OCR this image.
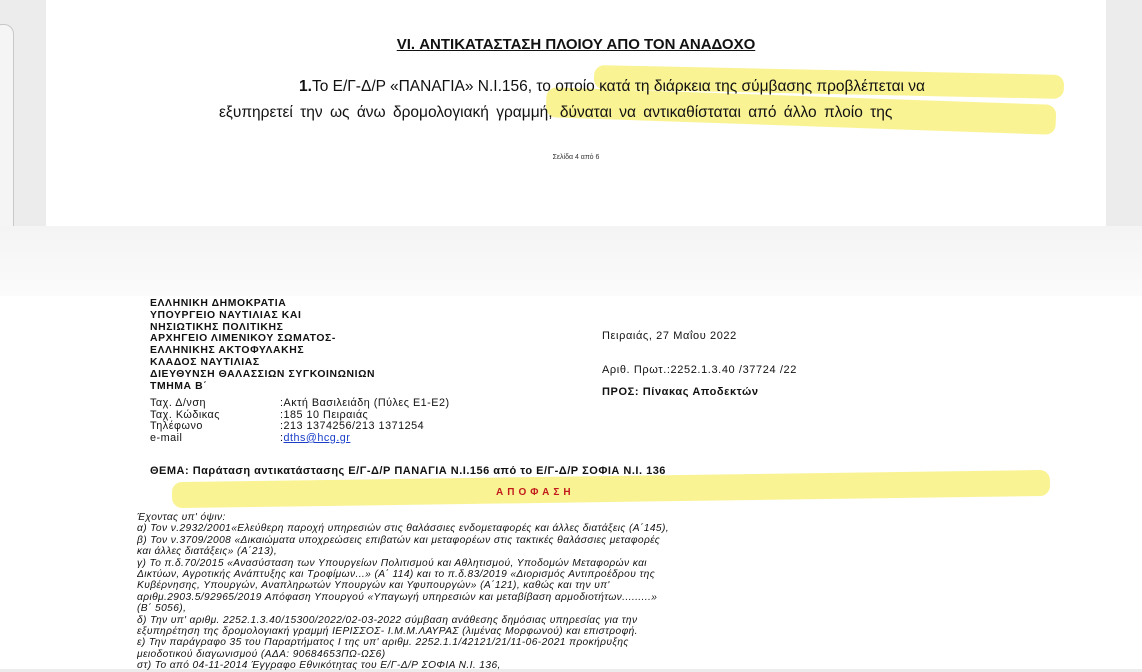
VI. ΑΝΤΙΚΑΤΑΣΤΑΣΗ ΠΛΟΙΟΥ ΑΠΟ ΤΟΝ ΑΝΑΔΟΧΟ
1.Το Ε/Γ-Δ/Ρ «ΠΑΝΑΓΙΑ» Ν.Ι.156, το οποίο κατά τη διάρκεια της σύμβασης προβλέπεται να
εξυπηρετεί την ως άνω δρομολογιακή γραμμή, δύναται να αντικαθίσταται από άλλο πλοίο της
Σελίδα 4 από 6
ΕΛΛΗΝΙΚΗ ΔΗΜΟΚΡΑΤΙΑ
ΥΠΟΥΡΓΕΙΟ ΝΑΥΤΙΛΙΑΣ ΚΑΙ
ΝΗΣΙΩΤΙΚΗΣ ΠΟΛΙΤΙΚΗΣ
ΑΡΧΗΓΕΙΟ ΛΙΜΕΝΙΚΟΥ ΣΩΜΑΤΟΣ-
ΕΛΛΗΝΙΚΗΣ ΑΚΤΟΦΥΛΑΚΗΣ
ΚΛΑΔΟΣ ΝΑΥΤΙΛΙΑΣ
ΔΙΕΥΘΥΝΣΗ ΘΑΛΑΣΣΙΩΝ ΣΥΓΚΟΙΝΩΝΙΩΝ
ΤΜΗΜΑ Β΄
Πειραιάς, 27 Μαΐου 2022
Αριθ. Πρωτ.:2252.1.3.40 /37724 /22
ΠΡΟΣ: Πίνακας Αποδεκτών
Ταχ. Δ/νση	:Ακτή Βασιλειάδη (Πύλες Ε1-Ε2)
Ταχ. Κώδικας	:185 10 Πειραιάς
Τηλέφωνο	:213 1374256/213 1371254
e-mail	: dths@hcg.gr
ΘΕΜΑ: Παράταση αντικατάστασης Ε/Γ-Δ/Ρ ΠΑΝΑΓΙΑ Ν.Ι.156 από το Ε/Γ-Δ/Ρ ΣΟΦΙΑ Ν.Ι. 136
ΑΠΟΦΑΣΗ
Έχοντας υπ' όψιν:
α) Τον ν.2932/2001«Ελεύθερη παροχή υπηρεσιών στις θαλάσσιες ενδομεταφορές και άλλες διατάξεις (Α΄145),
β) Τον ν.3709/2008 «Δικαιώματα υποχρεώσεις επιβατών και μεταφορέων στις τακτικές θαλάσσιες μεταφορές
και άλλες διατάξεις» (Α΄213),
γ) Το π.δ.70/2015 «Ανασύσταση των Υπουργείων Πολιτισμού και Αθλητισμού, Υποδομών Μεταφορών και
Δικτύων, Αγροτικής Ανάπτυξης και Τροφίμων...» (Α΄ 114) και το π.δ.83/2019 «Διορισμός Αντιπροέδρου της
Κυβέρνησης, Υπουργών, Αναπληρωτών Υπουργών και Υφυπουργών» (Α΄121), καθώς και την υπ'
αριθμ.2903.5/92965/2019 Απόφαση Υπουργού «Υπαγωγή υπηρεσιών και μεταβίβαση αρμοδιοτήτων.........»
(Β΄ 5056),
δ) Την υπ' αριθμ. 2252.1.3.40/15300/2022/02-03-2022 σύμβαση ανάθεσης δημόσιας υπηρεσίας για την
εξυπηρέτηση της δρομολογιακή γραμμή ΙΕΡΙΣΣΟΣ- Ι.Μ.Μ.ΛΑΥΡΑΣ (λιμένας Μορφωνού) και επιστροφή.
ε) Την παράγραφο 35 του Παραρτήματος Ι της υπ' αριθμ. 2252.1.1/42121/21/11-06-2021 προκήρυξης
μειοδοτικού διαγωνισμού (ΑΔΑ: 90684653ΠΩ-ΩΣ6)
στ) Το από 04-11-2014 Έγγραφο Εθνικότητας του Ε/Γ-Δ/Ρ ΣΟΦΙΑ Ν.Ι. 136,
